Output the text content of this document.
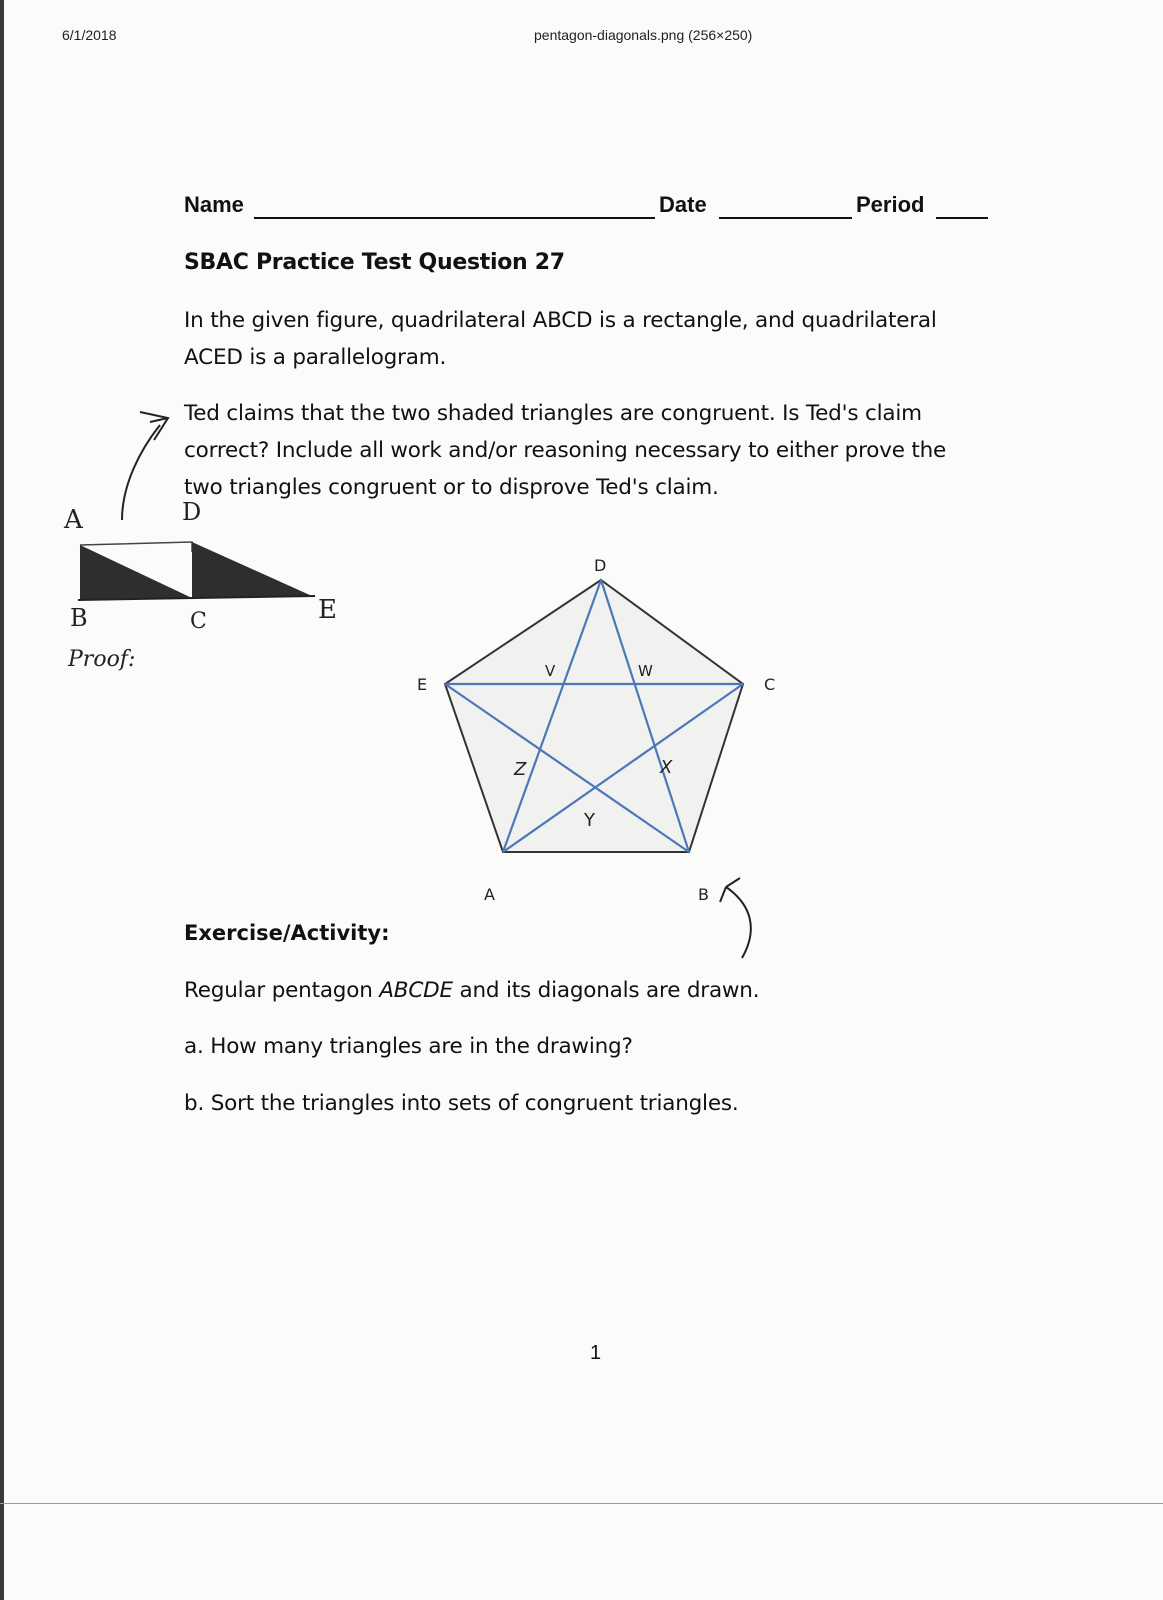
6/1/2018	pentagon-diagonals.png (256×250)
Name	Date	Period
SBAC Practice Test Question 27
In the given figure, quadrilateral ABCD is a rectangle, and quadrilateral ACED is a parallelogram.
Ted claims that the two shaded triangles are congruent. Is Ted's claim correct? Include all work and/or reasoning necessary to either prove the two triangles congruent or to disprove Ted's claim.
A	D
B	C	E
Proof:
D
C
E
A	B
V	W
X
Y
Z
Exercise/Activity:
Regular pentagon ABCDE and its diagonals are drawn.
a. How many triangles are in the drawing?
b. Sort the triangles into sets of congruent triangles.
1
